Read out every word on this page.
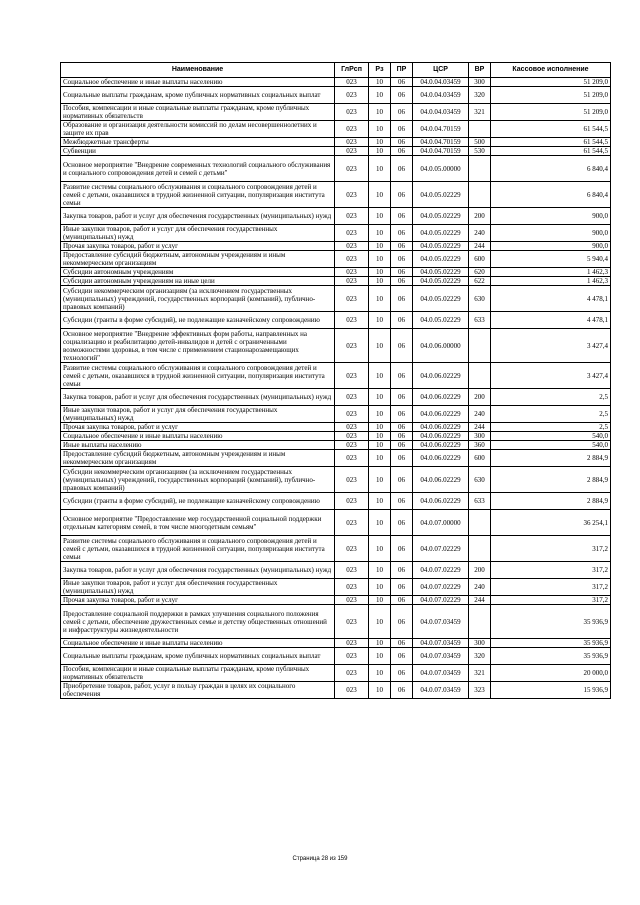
Наименование	ГлРсп	Рз	ПР	ЦСР	ВР	Кассовое исполнение
Социальное обеспечение и иные выплаты населению	023	10	06	04.0.04.03459	300	51 209,0
Социальные выплаты гражданам, кроме публичных нормативных социальных выплат	023	10	06	04.0.04.03459	320	51 209,0
Пособия, компенсации и иные социальные выплаты гражданам, кроме публичных нормативных обязательств	023	10	06	04.0.04.03459	321	51 209,0
Образование и организация деятельности комиссий по делам несовершеннолетних и защите их прав	023	10	06	04.0.04.70159		61 544,5
Межбюджетные трансферты	023	10	06	04.0.04.70159	500	61 544,5
Субвенции	023	10	06	04.0.04.70159	530	61 544,5
Основное мероприятие "Внедрение современных технологий социального обслуживания и социального сопровождения детей и семей с детьми"	023	10	06	04.0.05.00000		6 840,4
Развитие системы социального обслуживания и социального сопровождения детей и семей с детьми, оказавшихся в трудной жизненной ситуации, популяризация института семьи	023	10	06	04.0.05.02229		6 840,4
Закупка товаров, работ и услуг для обеспечения государственных (муниципальных) нужд	023	10	06	04.0.05.02229	200	900,0
Иные закупки товаров, работ и услуг для обеспечения государственных (муниципальных) нужд	023	10	06	04.0.05.02229	240	900,0
Прочая закупка товаров, работ и услуг	023	10	06	04.0.05.02229	244	900,0
Предоставление субсидий бюджетным, автономным учреждениям и иным некоммерческим организациям	023	10	06	04.0.05.02229	600	5 940,4
Субсидии автономным учреждениям	023	10	06	04.0.05.02229	620	1 462,3
Субсидии автономным учреждениям на иные цели	023	10	06	04.0.05.02229	622	1 462,3
Субсидии некоммерческим организациям (за исключением государственных (муниципальных) учреждений, государственных корпораций (компаний), публично-правовых компаний)	023	10	06	04.0.05.02229	630	4 478,1
Субсидии (гранты в форме субсидий), не подлежащие казначейскому сопровождению	023	10	06	04.0.05.02229	633	4 478,1
Основное мероприятие "Внедрение эффективных форм работы, направленных на социализацию и реабилитацию детей-инвалидов и детей с ограниченными возможностями здоровья, в том числе с применением стационарозамещающих технологий"	023	10	06	04.0.06.00000		3 427,4
Развитие системы социального обслуживания и социального сопровождения детей и семей с детьми, оказавшихся в трудной жизненной ситуации, популяризация института семьи	023	10	06	04.0.06.02229		3 427,4
Закупка товаров, работ и услуг для обеспечения государственных (муниципальных) нужд	023	10	06	04.0.06.02229	200	2,5
Иные закупки товаров, работ и услуг для обеспечения государственных (муниципальных) нужд	023	10	06	04.0.06.02229	240	2,5
Прочая закупка товаров, работ и услуг	023	10	06	04.0.06.02229	244	2,5
Социальное обеспечение и иные выплаты населению	023	10	06	04.0.06.02229	300	540,0
Иные выплаты населению	023	10	06	04.0.06.02229	360	540,0
Предоставление субсидий бюджетным, автономным учреждениям и иным некоммерческим организациям	023	10	06	04.0.06.02229	600	2 884,9
Субсидии некоммерческим организациям (за исключением государственных (муниципальных) учреждений, государственных корпораций (компаний), публично-правовых компаний)	023	10	06	04.0.06.02229	630	2 884,9
Субсидии (гранты в форме субсидий), не подлежащие казначейскому сопровождению	023	10	06	04.0.06.02229	633	2 884,9
Основное мероприятие "Предоставление мер государственной социальной поддержки отдельным категориям семей, в том числе многодетным семьям"	023	10	06	04.0.07.00000		36 254,1
Развитие системы социального обслуживания и социального сопровождения детей и семей с детьми, оказавшихся в трудной жизненной ситуации, популяризация института семьи	023	10	06	04.0.07.02229		317,2
Закупка товаров, работ и услуг для обеспечения государственных (муниципальных) нужд	023	10	06	04.0.07.02229	200	317,2
Иные закупки товаров, работ и услуг для обеспечения государственных (муниципальных) нужд	023	10	06	04.0.07.02229	240	317,2
Прочая закупка товаров, работ и услуг	023	10	06	04.0.07.02229	244	317,2
Предоставление социальной поддержки в рамках улучшения социального положения семей с детьми, обеспечение дружественных семье и детству общественных отношений и инфраструктуры жизнедеятельности	023	10	06	04.0.07.03459		35 936,9
Социальное обеспечение и иные выплаты населению	023	10	06	04.0.07.03459	300	35 936,9
Социальные выплаты гражданам, кроме публичных нормативных социальных выплат	023	10	06	04.0.07.03459	320	35 936,9
Пособия, компенсации и иные социальные выплаты гражданам, кроме публичных нормативных обязательств	023	10	06	04.0.07.03459	321	20 000,0
Приобретение товаров, работ, услуг в пользу граждан в целях их социального обеспечения	023	10	06	04.0.07.03459	323	15 936,9
Страница 28 из 159
